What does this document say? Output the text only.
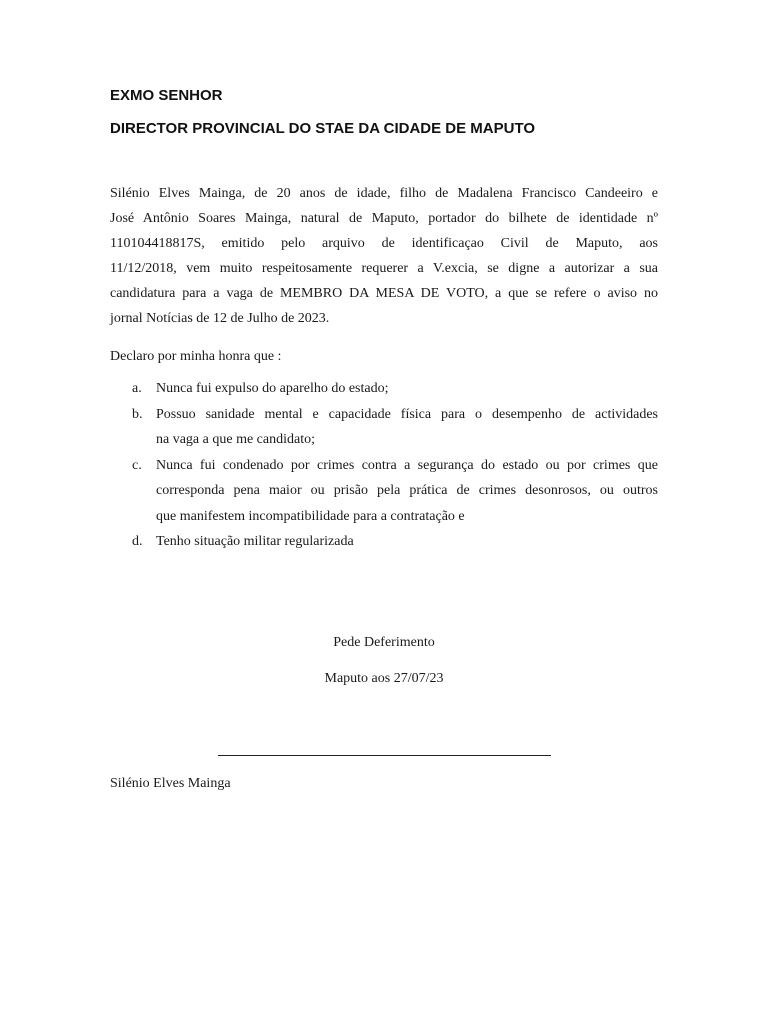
EXMO SENHOR
DIRECTOR PROVINCIAL DO STAE DA CIDADE DE MAPUTO
Silénio Elves Mainga, de 20 anos de idade, filho de Madalena Francisco Candeeiro e
José Antônio Soares Mainga, natural de Maputo, portador do bilhete de identidade nº
110104418817S, emitido pelo arquivo de identificaçao Civil de Maputo, aos
11/12/2018, vem muito respeitosamente requerer a V.excia, se digne a autorizar a sua
candidatura para a vaga de MEMBRO DA MESA DE VOTO, a que se refere o aviso no
jornal Notícias de 12 de Julho de 2023.
Declaro por minha honra que :
a. Nunca fui expulso do aparelho do estado;
b. Possuo sanidade mental e capacidade física para o desempenho de actividades
na vaga a que me candidato;
c. Nunca fui condenado por crimes contra a segurança do estado ou por crimes que
corresponda pena maior ou prisão pela prática de crimes desonrosos, ou outros
que manifestem incompatibilidade para a contratação e
d. Tenho situação militar regularizada
Pede Deferimento
Maputo aos 27/07/23
Silénio Elves Mainga
